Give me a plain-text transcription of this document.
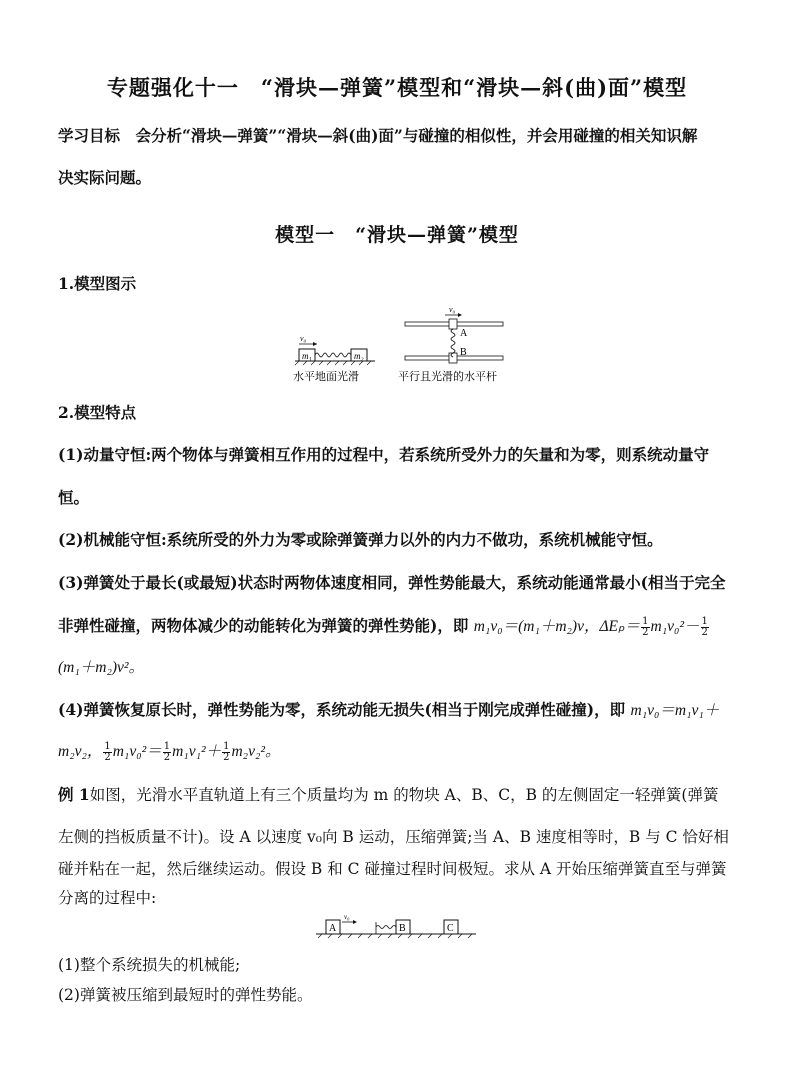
专题强化十一　“滑块—弹簧”模型和“滑块—斜(曲)面”模型
学习目标　会分析“滑块—弹簧”“滑块—斜(曲)面”与碰撞的相似性，并会用碰撞的相关知识解
决实际问题。
模型一　“滑块—弹簧”模型
1.模型图示
m₁	m₂
v₀
v₀
A
B
水平地面光滑	平行且光滑的水平杆
2.模型特点
(1)动量守恒:两个物体与弹簧相互作用的过程中，若系统所受外力的矢量和为零，则系统动量守
恒。
(2)机械能守恒:系统所受的外力为零或除弹簧弹力以外的内力不做功，系统机械能守恒。
(3)弹簧处于最长(或最短)状态时两物体速度相同，弹性势能最大，系统动能通常最小(相当于完全
非弹性碰撞，两物体减少的动能转化为弹簧的弹性势能)，即 m₁v₀＝(m₁＋m₂)v，$\Delta E_p= \frac{1}{2} m_1v_0^2- \frac{1}{2}$
(m₁＋m₂)v²。
(4)弹簧恢复原长时，弹性势能为零，系统动能无损失(相当于刚完成弹性碰撞)，即 m₁v₀＝m₁v₁＋
m₂v₂， $\frac{1}{2} m_1v_0^2= \frac{1}{2} m_1v_1^2+ \frac{1}{2} m_2v_2^2$。
例 1如图，光滑水平直轨道上有三个质量均为 m 的物块 A、B、C，B 的左侧固定一轻弹簧(弹簧
左侧的挡板质量不计)。设 A 以速度 v₀向 B 运动，压缩弹簧;当 A、B 速度相等时，B 与 C 恰好相
碰并粘在一起，然后继续运动。假设 B 和 C 碰撞过程时间极短。求从 A 开始压缩弹簧直至与弹簧
分离的过程中:
A
v₀
B	C
(1)整个系统损失的机械能;
(2)弹簧被压缩到最短时的弹性势能。
